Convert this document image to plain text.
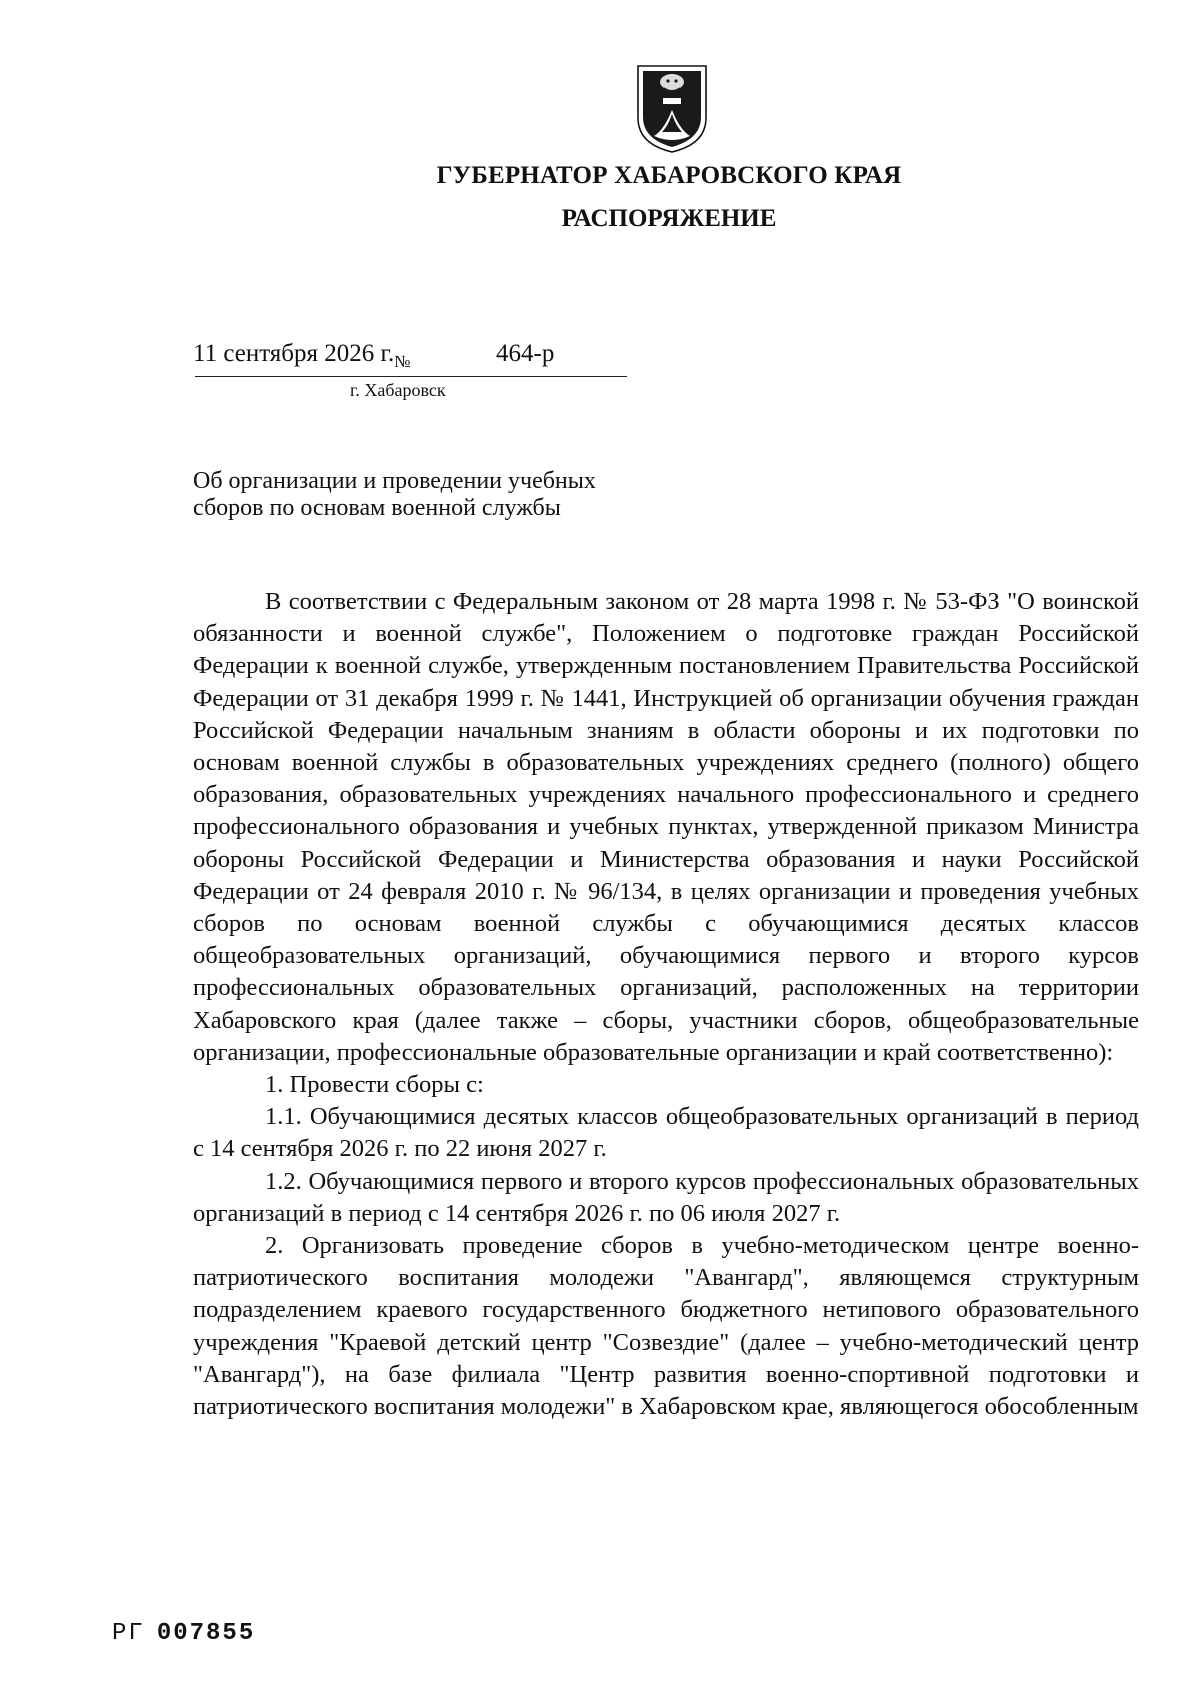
ГУБЕРНАТОР ХАБАРОВСКОГО КРАЯ
РАСПОРЯЖЕНИЕ
11 сентября 2026 $г._№$	464-р
г. Хабаровск
Об организации и проведении учебных
сборов по основам военной службы

В соответствии с Федеральным законом от 28 марта 1998 г. № 53-ФЗ "О воинской обязанности и военной службе", Положением о подготовке граждан Российской Федерации к военной службе, утвержденным постановлением Правительства Российской Федерации от 31 декабря 1999 г. № 1441, Инструкцией об организации обучения граждан Российской Федерации начальным знаниям в области обороны и их подготовки по основам военной службы в образовательных учреждениях среднего (полного) общего образования, образовательных учреждениях начального профессионального и среднего профессионального образования и учебных пунктах, утвержденной приказом Министра обороны Российской Федерации и Министерства образования и науки Российской Федерации от 24 февраля 2010 г. № 96/134, в целях организации и проведения учебных сборов по основам военной службы с обучающимися десятых классов общеобразовательных организаций, обучающимися первого и второго курсов профессиональных образовательных организаций, расположенных на территории Хабаровского края (далее также – сборы, участники сборов, общеобразовательные организации, профессиональные образовательные организации и край соответственно):

1. Провести сборы с:

1.1. Обучающимися десятых классов общеобразовательных организаций в период с 14 сентября 2026 г. по 22 июня 2027 г.

1.2. Обучающимися первого и второго курсов профессиональных образовательных организаций в период с 14 сентября 2026 г. по 06 июля 2027 г.

2. Организовать проведение сборов в учебно-методическом центре военно-патриотического воспитания молодежи "Авангард", являющемся структурным подразделением краевого государственного бюджетного нетипового образовательного учреждения "Краевой детский центр "Созвездие" (далее – учебно-методический центр "Авангард"), на базе филиала "Центр развития военно-спортивной подготовки и патриотического воспитания молодежи" в Хабаровском крае, являющегося обособленным

РГ 007855
